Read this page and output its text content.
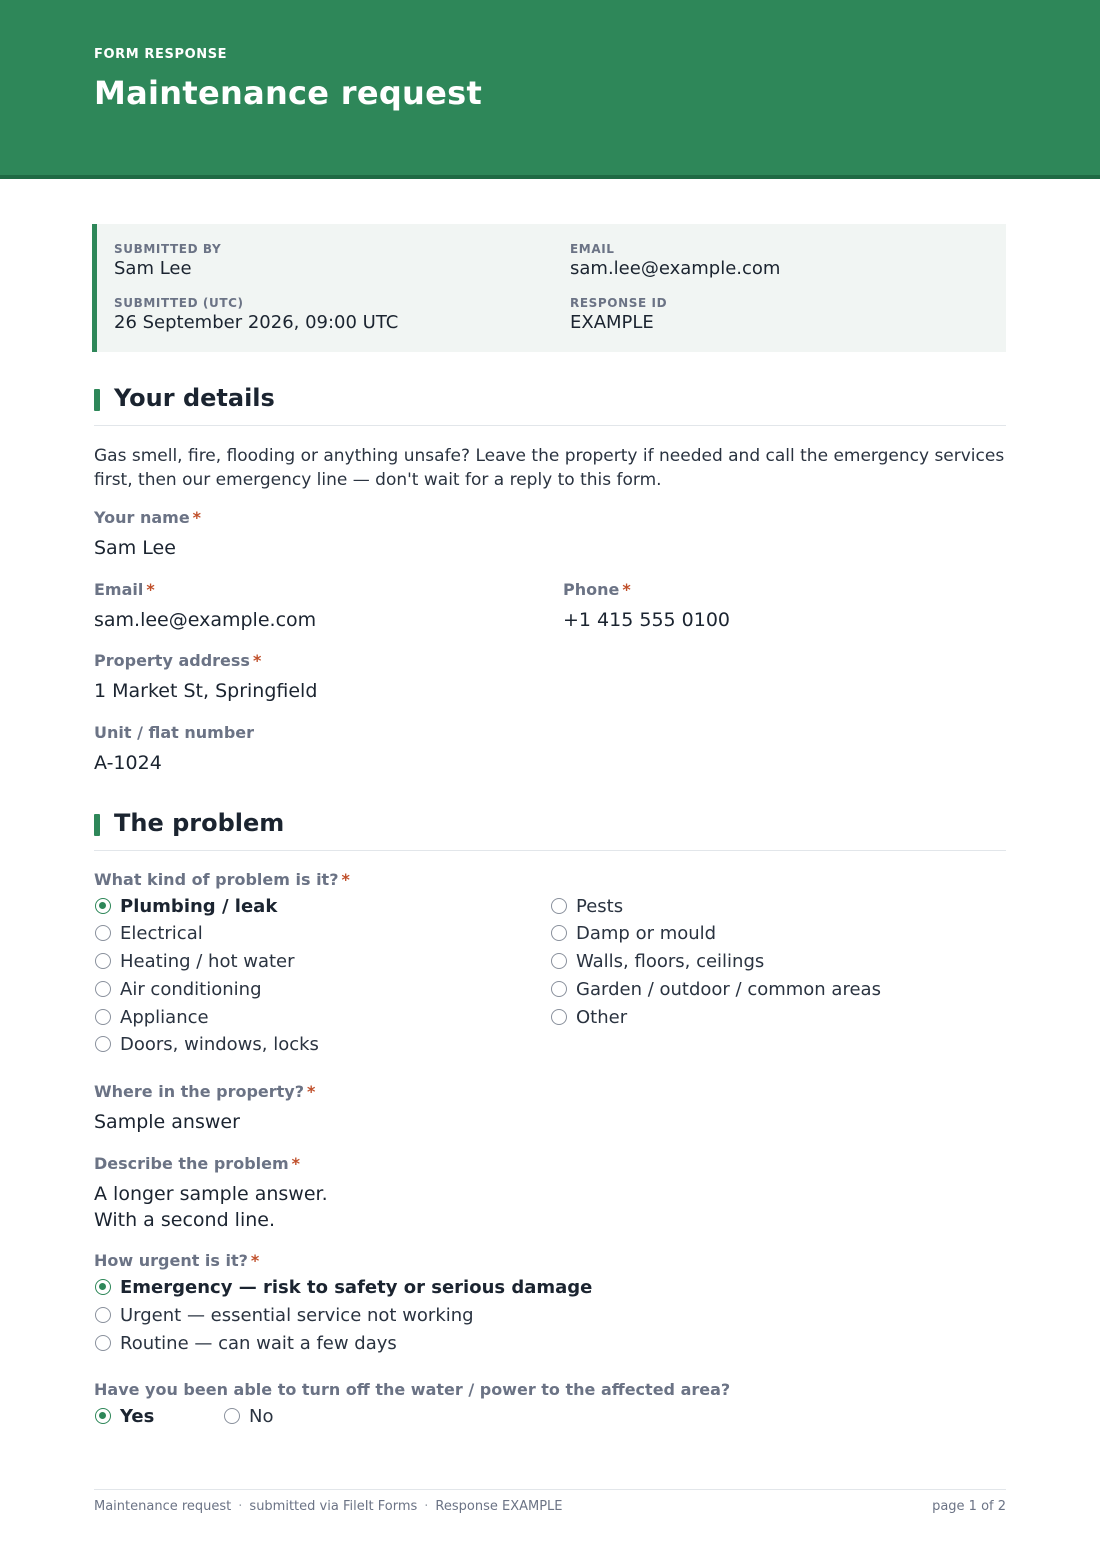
FORM RESPONSE
Maintenance request
SUBMITTED BY
Sam Lee
EMAIL
sam.lee@example.com
SUBMITTED (UTC)
26 September 2026, 09:00 UTC
RESPONSE ID
EXAMPLE
Your details
Gas smell, fire, flooding or anything unsafe? Leave the property if needed and call the emergency services first, then our emergency line — don't wait for a reply to this form.
Your name *
Sam Lee
Email *
sam.lee@example.com
Phone *
+1 415 555 0100
Property address *
1 Market St, Springfield
Unit / flat number
A-1024
The problem
What kind of problem is it? *
Plumbing / leak
Electrical
Heating / hot water
Air conditioning
Appliance
Doors, windows, locks
Pests
Damp or mould
Walls, floors, ceilings
Garden / outdoor / common areas
Other
Where in the property? *
Sample answer
Describe the problem *
A longer sample answer.
With a second line.
How urgent is it? *
Emergency — risk to safety or serious damage
Urgent — essential service not working
Routine — can wait a few days
Have you been able to turn off the water / power to the affected area?
Yes	No
Maintenance request · submitted via FileIt Forms · Response EXAMPLE	page 1 of 2
